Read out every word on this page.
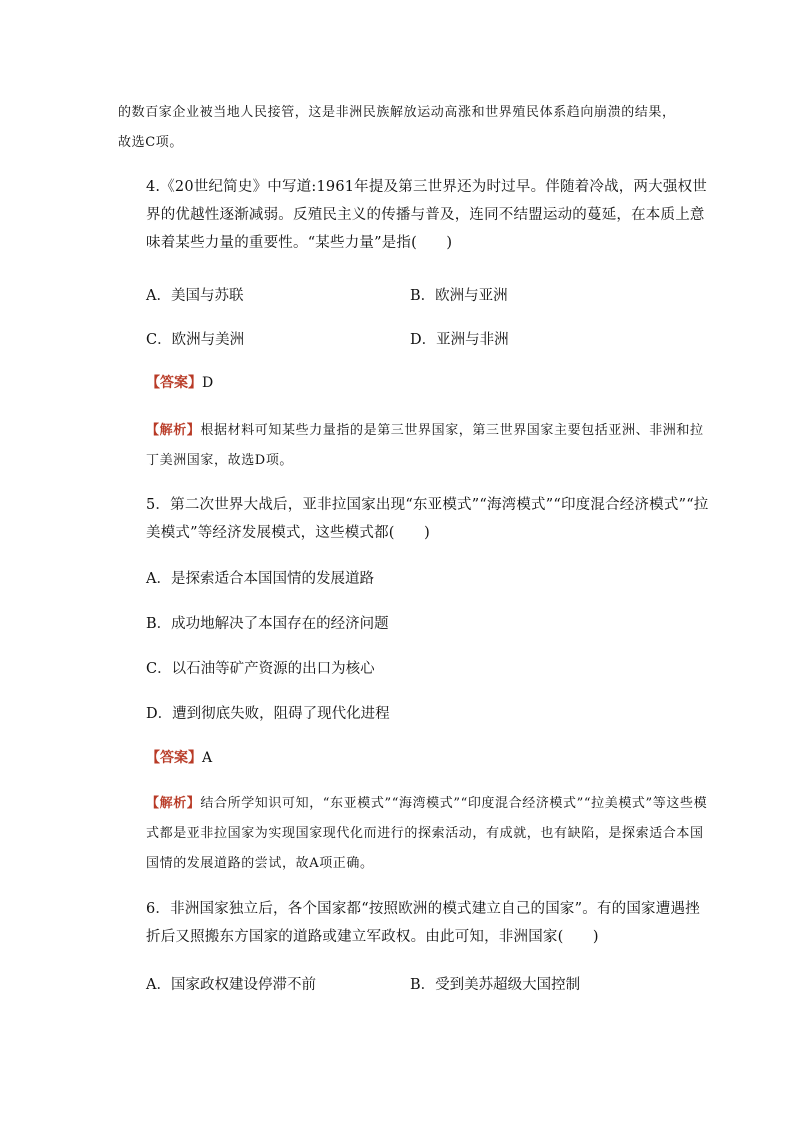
的数百家企业被当地人民接管，这是非洲民族解放运动高涨和世界殖民体系趋向崩溃的结果，
故选C项。
4.《20世纪简史》中写道:1961年提及第三世界还为时过早。伴随着冷战，两大强权世界的优越性逐渐减弱。反殖民主义的传播与普及，连同不结盟运动的蔓延，在本质上意味着某些力量的重要性。“某些力量”是指(　　)
A．美国与苏联	B．欧洲与亚洲
C．欧洲与美洲	D．亚洲与非洲
【答案】D
【解析】根据材料可知某些力量指的是第三世界国家，第三世界国家主要包括亚洲、非洲和拉丁美洲国家，故选D项。
5．第二次世界大战后，亚非拉国家出现“东亚模式”“海湾模式”“印度混合经济模式”“拉美模式”等经济发展模式，这些模式都(　　)
A．是探索适合本国国情的发展道路
B．成功地解决了本国存在的经济问题
C．以石油等矿产资源的出口为核心
D．遭到彻底失败，阻碍了现代化进程
【答案】A
【解析】结合所学知识可知，“东亚模式”“海湾模式”“印度混合经济模式”“拉美模式”等这些模式都是亚非拉国家为实现国家现代化而进行的探索活动，有成就，也有缺陷，是探索适合本国国情的发展道路的尝试，故A项正确。
6．非洲国家独立后，各个国家都“按照欧洲的模式建立自己的国家”。有的国家遭遇挫折后又照搬东方国家的道路或建立军政权。由此可知，非洲国家(　　)
A．国家政权建设停滞不前	B．受到美苏超级大国控制
